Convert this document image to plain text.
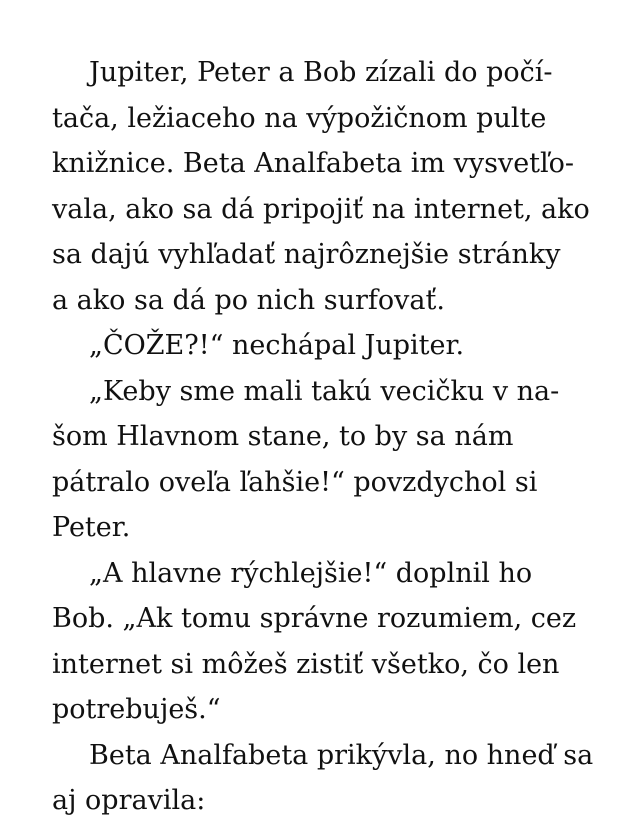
Jupiter, Peter a Bob zízali do počí-
tača, ležiaceho na výpožičnom pulte
knižnice. Beta Analfabeta im vysvetľo-
vala, ako sa dá pripojiť na internet, ako
sa dajú vyhľadať najrôznejšie stránky
a ako sa dá po nich surfovať.
„ČOŽE?!“ nechápal Jupiter.
„Keby sme mali takú vecičku v na-
šom Hlavnom stane, to by sa nám
pátralo oveľa ľahšie!“ povzdychol si
Peter.
„A hlavne rýchlejšie!“ doplnil ho
Bob. „Ak tomu správne rozumiem, cez
internet si môžeš zistiť všetko, čo len
potrebuješ.“
Beta Analfabeta prikývla, no hneď sa
aj opravila:
